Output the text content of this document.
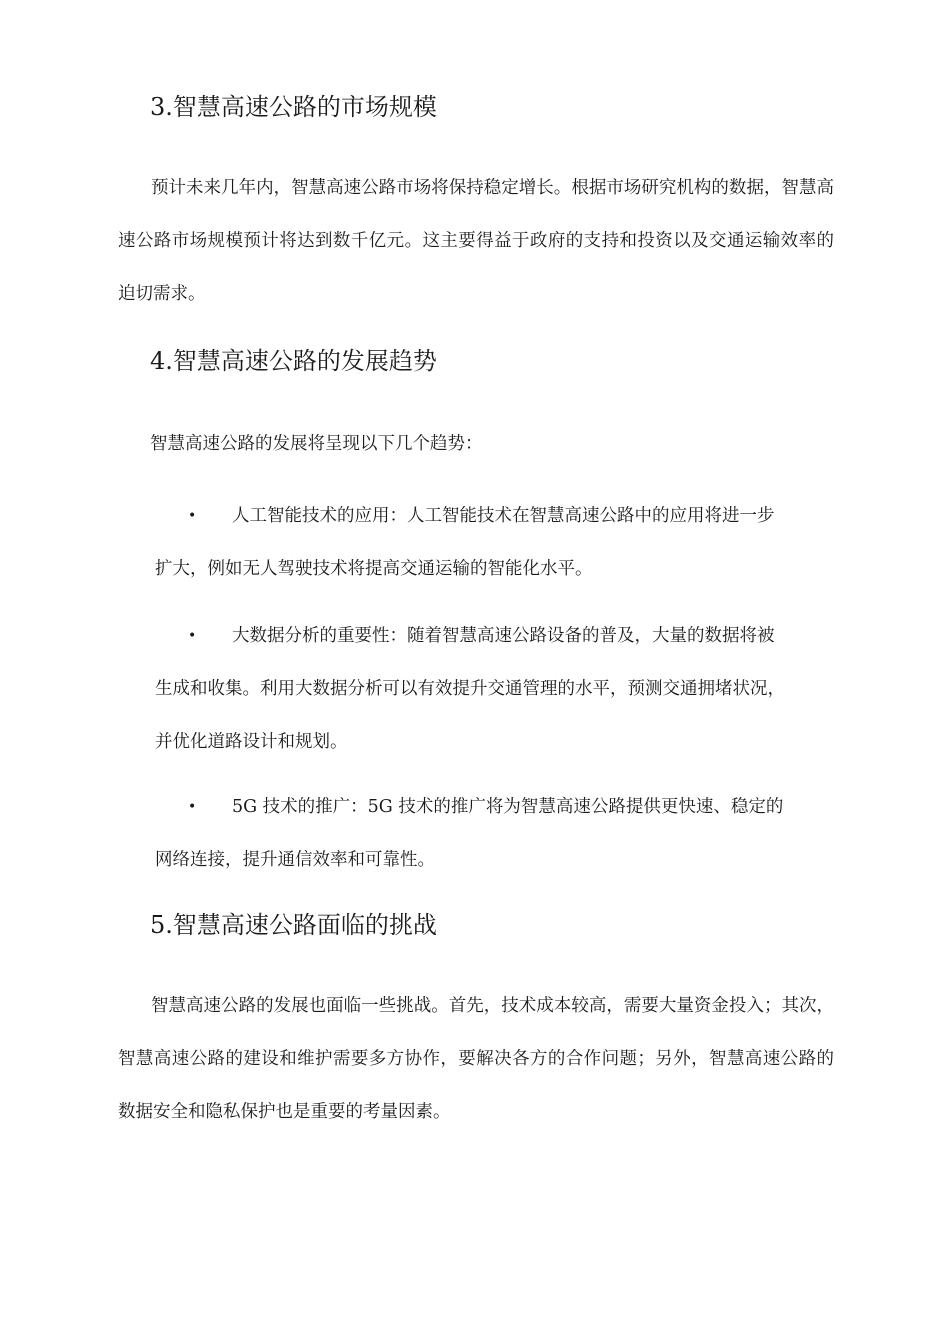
3.智慧高速公路的市场规模

预计未来几年内，智慧高速公路市场将保持稳定增长。根据市场研究机构的数据，智慧高速公路市场规模预计将达到数千亿元。这主要得益于政府的支持和投资以及交通运输效率的迫切需求。

4.智慧高速公路的发展趋势

智慧高速公路的发展将呈现以下几个趋势：

• 人工智能技术的应用：人工智能技术在智慧高速公路中的应用将进一步

扩大，例如无人驾驶技术将提高交通运输的智能化水平。

• 大数据分析的重要性：随着智慧高速公路设备的普及，大量的数据将被

生成和收集。利用大数据分析可以有效提升交通管理的水平，预测交通拥堵状况，

并优化道路设计和规划。

• 5G 技术的推广：5G 技术的推广将为智慧高速公路提供更快速、稳定的

网络连接，提升通信效率和可靠性。

5.智慧高速公路面临的挑战

智慧高速公路的发展也面临一些挑战。首先，技术成本较高，需要大量资金投入；其次，智慧高速公路的建设和维护需要多方协作，要解决各方的合作问题；另外，智慧高速公路的数据安全和隐私保护也是重要的考量因素。
